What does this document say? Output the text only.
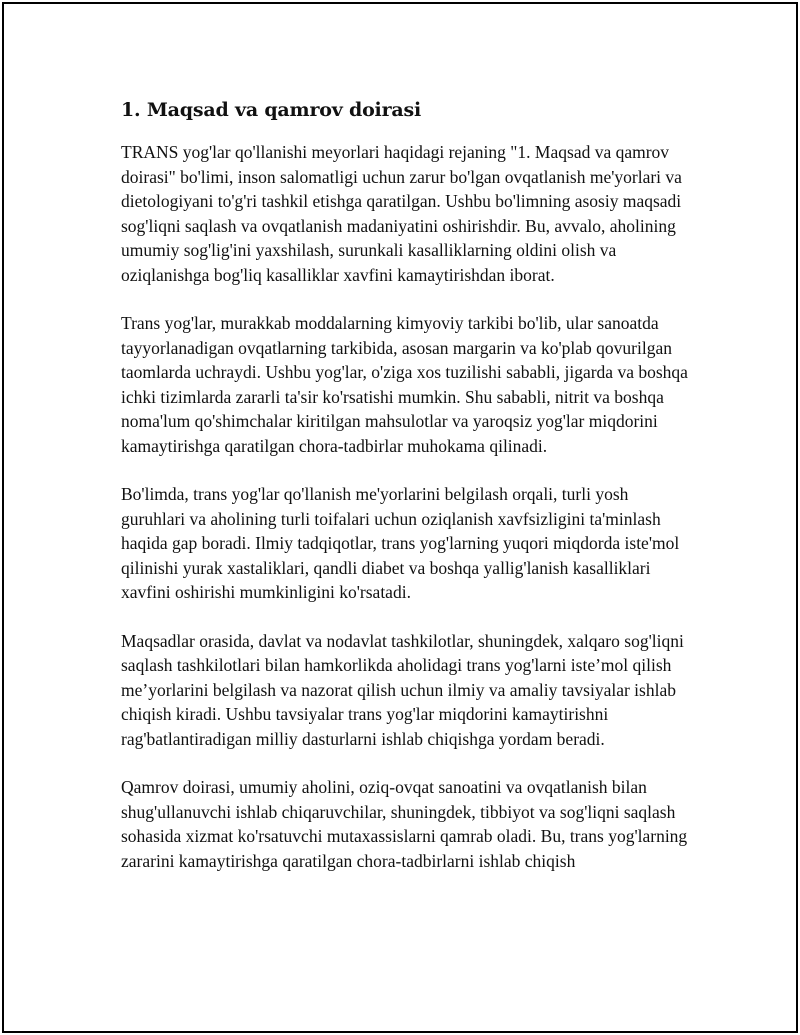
1. Maqsad va qamrov doirasi

TRANS yog'lar qo'llanishi meyorlari haqidagi rejaning "1. Maqsad va qamrov doirasi" bo'limi, inson salomatligi uchun zarur bo'lgan ovqatlanish me'yorlari va dietologiyani to'g'ri tashkil etishga qaratilgan. Ushbu bo'limning asosiy maqsadi sog'liqni saqlash va ovqatlanish madaniyatini oshirishdir. Bu, avvalo, aholining umumiy sog'lig'ini yaxshilash, surunkali kasalliklarning oldini olish va oziqlanishga bog'liq kasalliklar xavfini kamaytirishdan iborat.

Trans yog'lar, murakkab moddalarning kimyoviy tarkibi bo'lib, ular sanoatda tayyorlanadigan ovqatlarning tarkibida, asosan margarin va ko'plab qovurilgan taomlarda uchraydi. Ushbu yog'lar, o'ziga xos tuzilishi sababli, jigarda va boshqa ichki tizimlarda zararli ta'sir ko'rsatishi mumkin. Shu sababli, nitrit va boshqa noma'lum qo'shimchalar kiritilgan mahsulotlar va yaroqsiz yog'lar miqdorini kamaytirishga qaratilgan chora-tadbirlar muhokama qilinadi.

Bo'limda, trans yog'lar qo'llanish me'yorlarini belgilash orqali, turli yosh guruhlari va aholining turli toifalari uchun oziqlanish xavfsizligini ta'minlash haqida gap boradi. Ilmiy tadqiqotlar, trans yog'larning yuqori miqdorda iste'mol qilinishi yurak xastaliklari, qandli diabet va boshqa yallig'lanish kasalliklari xavfini oshirishi mumkinligini ko'rsatadi.

Maqsadlar orasida, davlat va nodavlat tashkilotlar, shuningdek, xalqaro sog'liqni saqlash tashkilotlari bilan hamkorlikda aholidagi trans yog'larni iste’mol qilish me’yorlarini belgilash va nazorat qilish uchun ilmiy va amaliy tavsiyalar ishlab chiqish kiradi. Ushbu tavsiyalar trans yog'lar miqdorini kamaytirishni rag'batlantiradigan milliy dasturlarni ishlab chiqishga yordam beradi.

Qamrov doirasi, umumiy aholini, oziq-ovqat sanoatini va ovqatlanish bilan shug'ullanuvchi ishlab chiqaruvchilar, shuningdek, tibbiyot va sog'liqni saqlash sohasida xizmat ko'rsatuvchi mutaxassislarni qamrab oladi. Bu, trans yog'larning zararini kamaytirishga qaratilgan chora-tadbirlarni ishlab chiqish
